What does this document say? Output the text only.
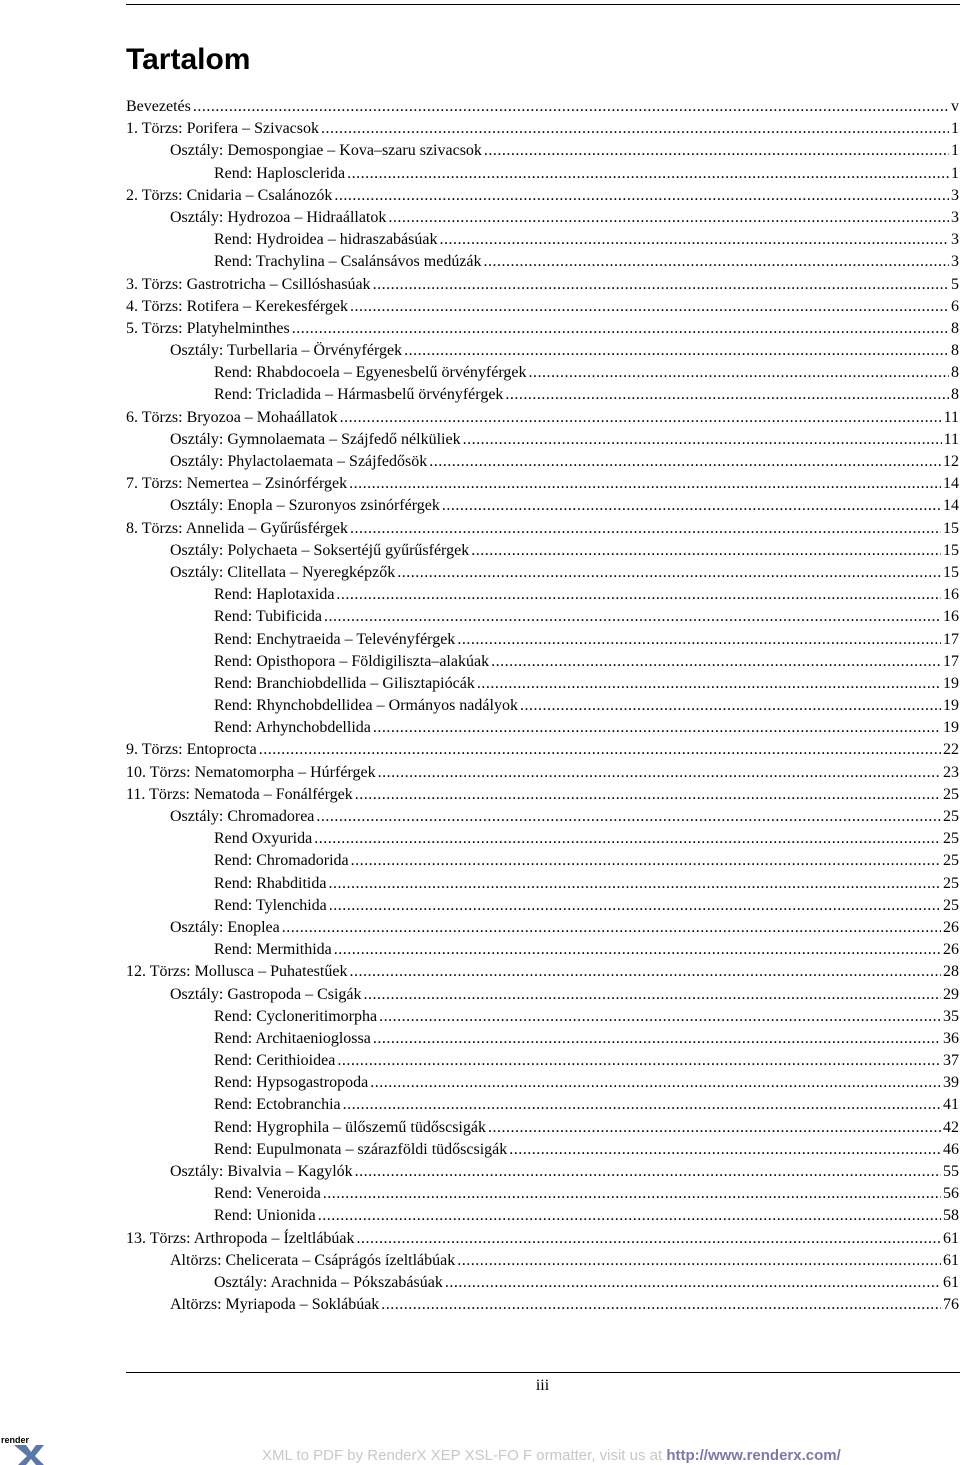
Tartalom
Bevezetés .....	v
1. Törzs: Porifera – Szivacsok .....	1
Osztály: Demospongiae – Kova–szaru szivacsok .....	1
Rend: Haplosclerida .....	1
2. Törzs: Cnidaria – Csalánozók .....	3
Osztály: Hydrozoa – Hidraállatok .....	3
Rend: Hydroidea – hidraszabásúak .....	3
Rend: Trachylina – Csalánsávos medúzák .....	3
3. Törzs: Gastrotricha – Csillóshasúak .....	5
4. Törzs: Rotifera – Kerekesférgek .....	6
5. Törzs: Platyhelminthes .....	8
Osztály: Turbellaria – Örvényférgek .....	8
Rend: Rhabdocoela – Egyenesbelű örvényférgek .....	8
Rend: Tricladida – Hármasbelű örvényférgek .....	8
6. Törzs: Bryozoa – Mohaállatok .....	11
Osztály: Gymnolaemata – Szájfedő nélküliek .....	11
Osztály: Phylactolaemata – Szájfedősök .....	12
7. Törzs: Nemertea – Zsinórférgek .....	14
Osztály: Enopla – Szuronyos zsinórférgek .....	14
8. Törzs: Annelida – Gyűrűsférgek .....	15
Osztály: Polychaeta – Soksertéjű gyűrűsférgek .....	15
Osztály: Clitellata – Nyeregképzők .....	15
Rend: Haplotaxida .....	16
Rend: Tubificida .....	16
Rend: Enchytraeida – Televényférgek .....	17
Rend: Opisthopora – Földigiliszta–alakúak .....	17
Rend: Branchiobdellida – Gilisztapiócák .....	19
Rend: Rhynchobdellidea – Ormányos nadályok .....	19
Rend: Arhynchobdellida .....	19
9. Törzs: Entoprocta .....	22
10. Törzs: Nematomorpha – Húrférgek .....	23
11. Törzs: Nematoda – Fonálférgek .....	25
Osztály: Chromadorea .....	25
Rend Oxyurida .....	25
Rend: Chromadorida .....	25
Rend: Rhabditida .....	25
Rend: Tylenchida .....	25
Osztály: Enoplea .....	26
Rend: Mermithida .....	26
12. Törzs: Mollusca – Puhatestűek .....	28
Osztály: Gastropoda – Csigák .....	29
Rend: Cycloneritimorpha .....	35
Rend: Architaenioglossa .....	36
Rend: Cerithioidea .....	37
Rend: Hypsogastropoda .....	39
Rend: Ectobranchia .....	41
Rend: Hygrophila – ülőszemű tüdőscsigák .....	42
Rend: Eupulmonata – szárazföldi tüdőscsigák .....	46
Osztály: Bivalvia – Kagylók .....	55
Rend: Veneroida .....	56
Rend: Unionida .....	58
13. Törzs: Arthropoda – Ízeltlábúak .....	61
Altörzs: Chelicerata – Csáprágós ízeltlábúak .....	61
Osztály: Arachnida – Pókszabásúak .....	61
Altörzs: Myriapoda – Soklábúak .....	76
iii
render
XML to PDF by RenderX XEP XSL-FO F ormatter, visit us at http://www.renderx.com/
